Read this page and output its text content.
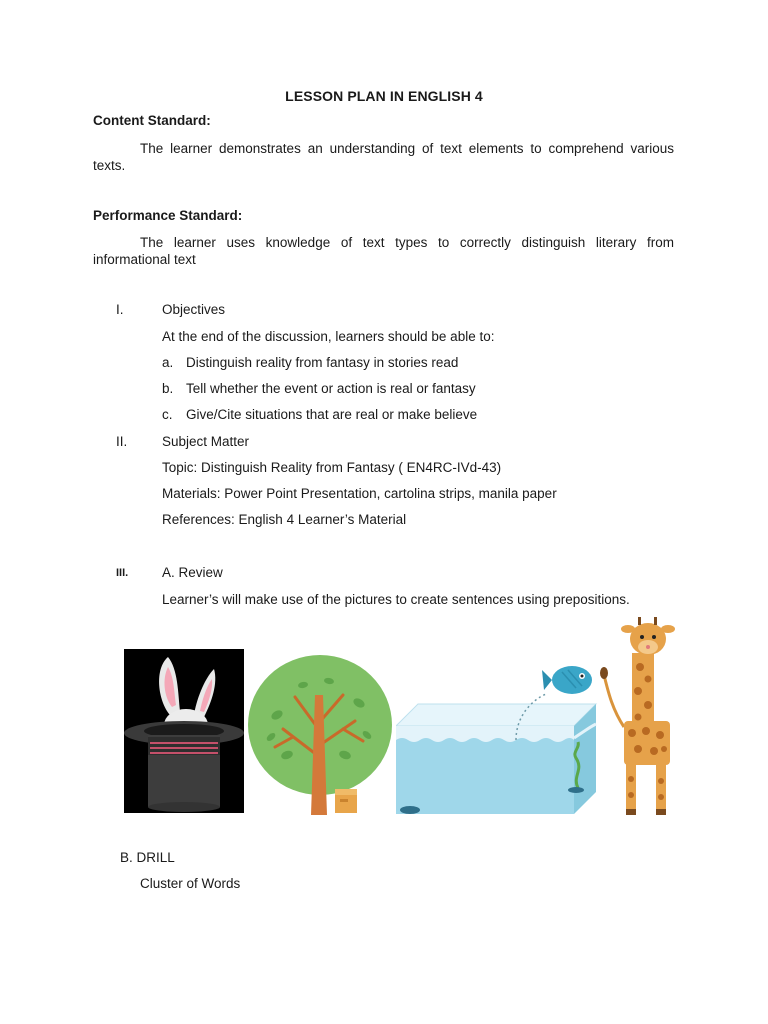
LESSON PLAN IN ENGLISH 4
Content Standard:
The learner demonstrates an understanding of text elements to comprehend various texts.
Performance Standard:
The learner uses knowledge of text types to correctly distinguish literary from informational text
I.	Objectives
At the end of the discussion, learners should be able to:
a. Distinguish reality from fantasy in stories read
b. Tell whether the event or action is real or fantasy
c. Give/Cite situations that are real or make believe
II.	Subject Matter
Topic: Distinguish Reality from Fantasy ( EN4RC-IVd-43)
Materials: Power Point Presentation, cartolina strips, manila paper
References: English 4 Learner’s Material
III.	A. Review
Learner’s will make use of the pictures to create sentences using prepositions.
B. DRILL
Cluster of Words
